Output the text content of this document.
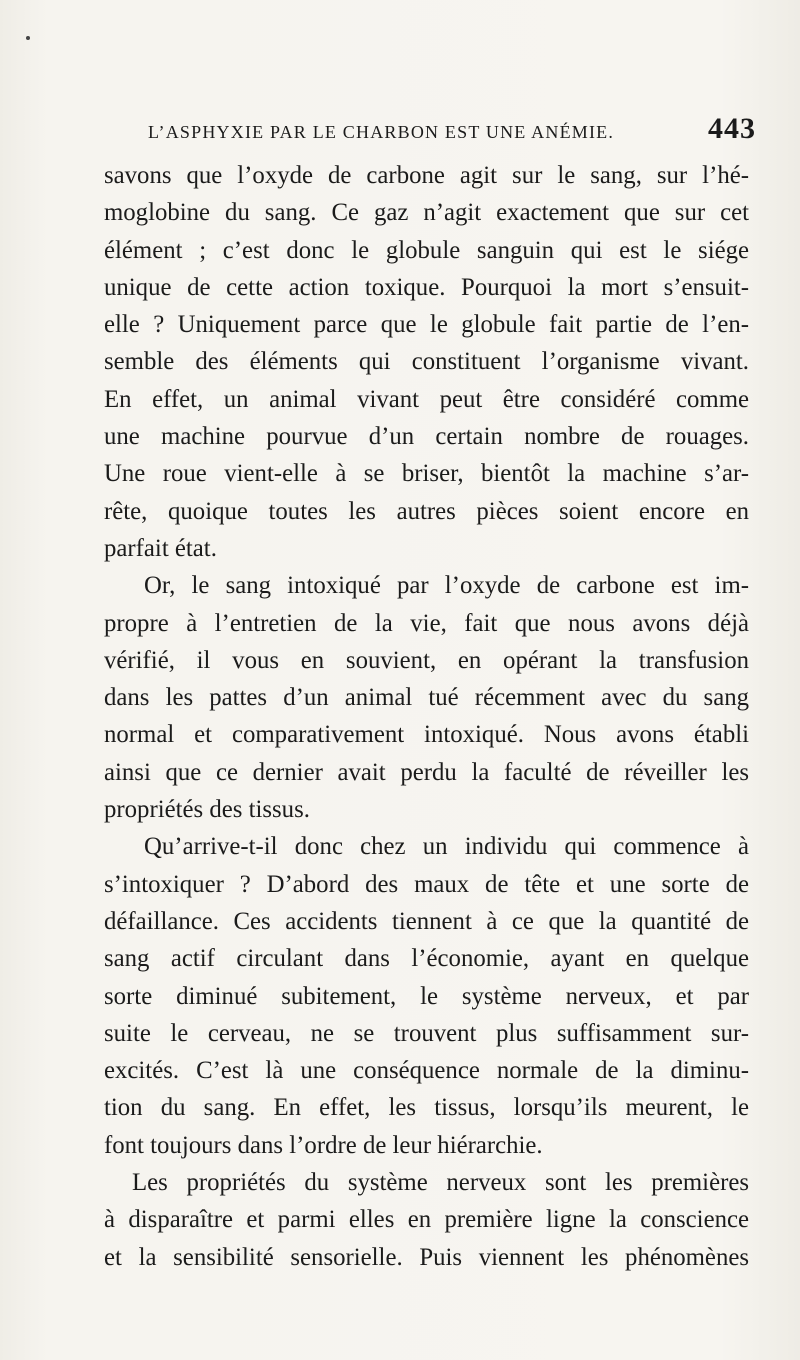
L’ASPHYXIE PAR LE CHARBON EST UNE ANÉMIE.	443

savons que l’oxyde de carbone agit sur le sang, sur l’hé-
moglobine du sang. Ce gaz n’agit exactement que sur cet
élément ; c’est donc le globule sanguin qui est le siége
unique de cette action toxique. Pourquoi la mort s’ensuit-
elle ? Uniquement parce que le globule fait partie de l’en-
semble des éléments qui constituent l’organisme vivant.
En effet, un animal vivant peut être considéré comme
une machine pourvue d’un certain nombre de rouages.
Une roue vient-elle à se briser, bientôt la machine s’ar-
rête, quoique toutes les autres pièces soient encore en
parfait état.

Or, le sang intoxiqué par l’oxyde de carbone est im-
propre à l’entretien de la vie, fait que nous avons déjà
vérifié, il vous en souvient, en opérant la transfusion
dans les pattes d’un animal tué récemment avec du sang
normal et comparativement intoxiqué. Nous avons établi
ainsi que ce dernier avait perdu la faculté de réveiller les
propriétés des tissus.

Qu’arrive-t-il donc chez un individu qui commence à
s’intoxiquer ? D’abord des maux de tête et une sorte de
défaillance. Ces accidents tiennent à ce que la quantité de
sang actif circulant dans l’économie, ayant en quelque
sorte diminué subitement, le système nerveux, et par
suite le cerveau, ne se trouvent plus suffisamment sur-
excités. C’est là une conséquence normale de la diminu-
tion du sang. En effet, les tissus, lorsqu’ils meurent, le
font toujours dans l’ordre de leur hiérarchie.

Les propriétés du système nerveux sont les premières
à disparaître et parmi elles en première ligne la conscience
et la sensibilité sensorielle. Puis viennent les phénomènes
